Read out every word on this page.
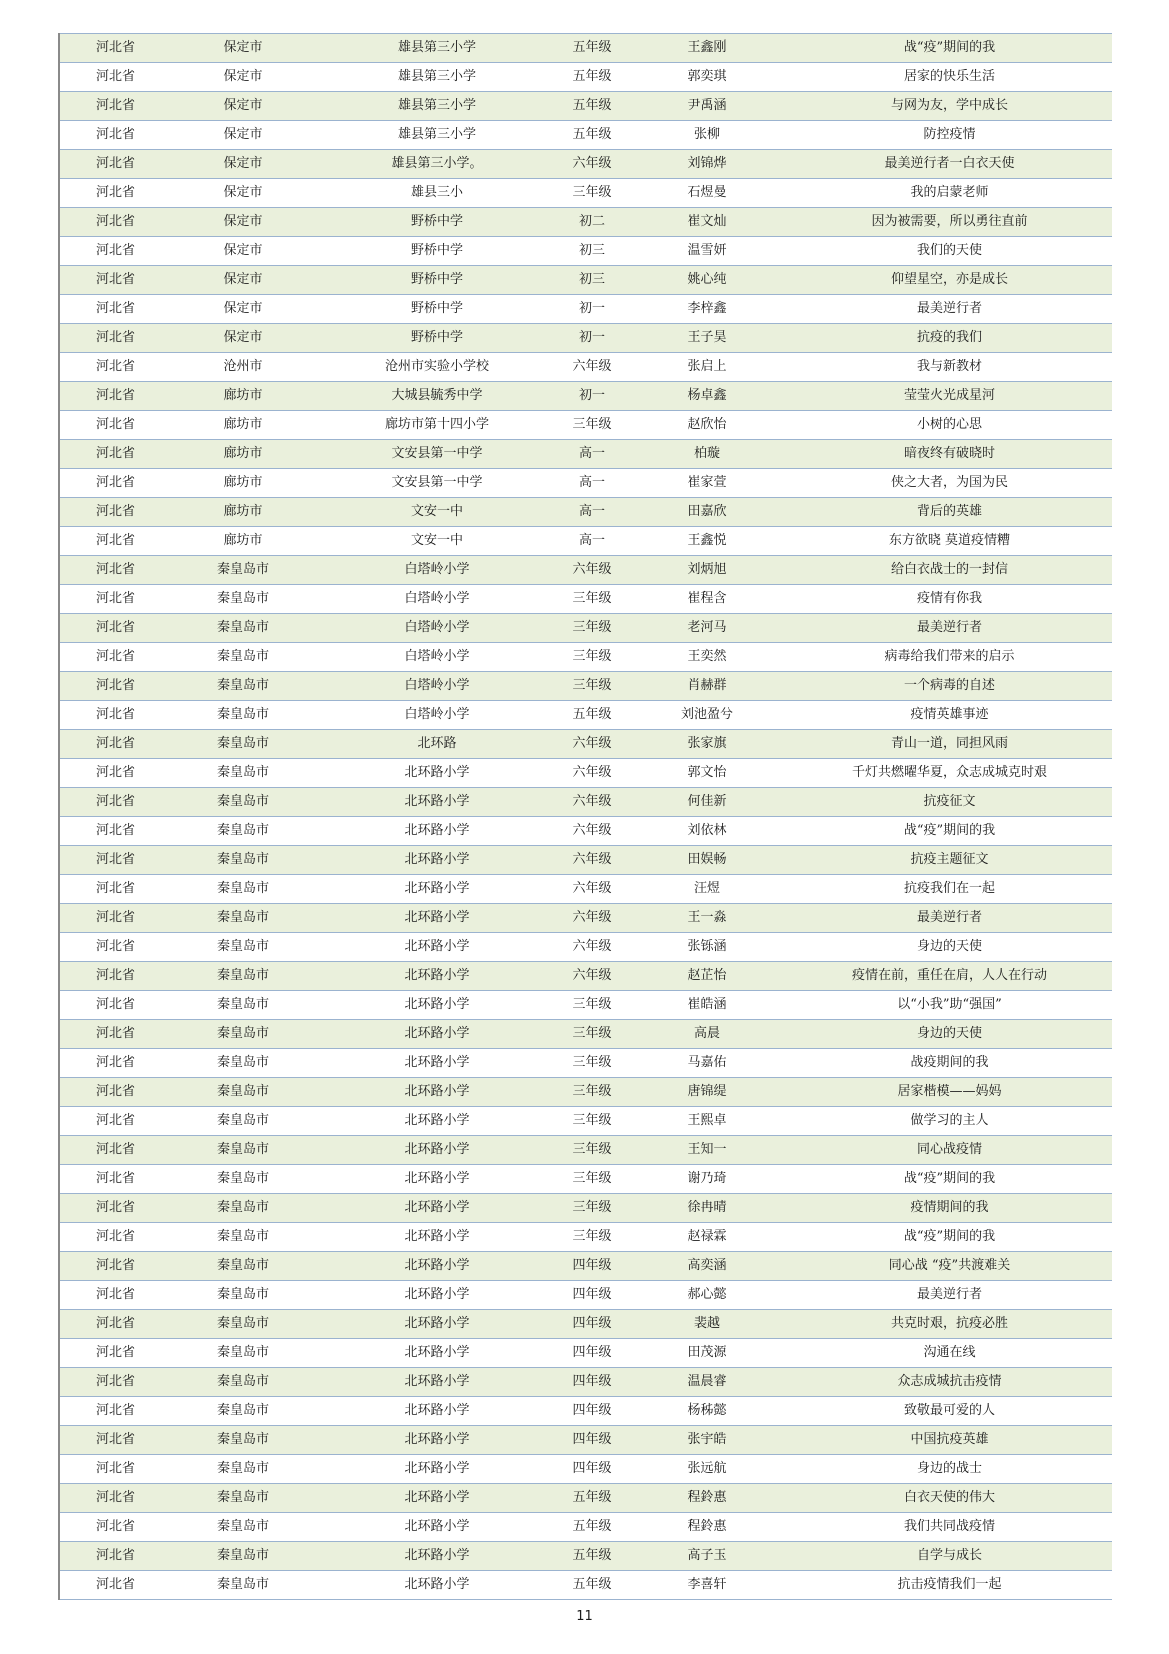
河北省	保定市	雄县第三小学	五年级	王鑫刚	战“疫”期间的我
河北省	保定市	雄县第三小学	五年级	郭奕琪	居家的快乐生活
河北省	保定市	雄县第三小学	五年级	尹禹涵	与网为友，学中成长
河北省	保定市	雄县第三小学	五年级	张柳	防控疫情
河北省	保定市	雄县第三小学。	六年级	刘锦烨	最美逆行者一白衣天使
河北省	保定市	雄县三小	三年级	石煜曼	我的启蒙老师
河北省	保定市	野桥中学	初二	崔文灿	因为被需要，所以勇往直前
河北省	保定市	野桥中学	初三	温雪妍	我们的天使
河北省	保定市	野桥中学	初三	姚心纯	仰望星空，亦是成长
河北省	保定市	野桥中学	初一	李梓鑫	最美逆行者
河北省	保定市	野桥中学	初一	王子昊	抗疫的我们
河北省	沧州市	沧州市实验小学校	六年级	张启上	我与新教材
河北省	廊坊市	大城县毓秀中学	初一	杨卓鑫	莹莹火光成星河
河北省	廊坊市	廊坊市第十四小学	三年级	赵欣怡	小树的心思
河北省	廊坊市	文安县第一中学	高一	柏璇	暗夜终有破晓时
河北省	廊坊市	文安县第一中学	高一	崔家萱	侠之大者，为国为民
河北省	廊坊市	文安一中	高一	田嘉欣	背后的英雄
河北省	廊坊市	文安一中	高一	王鑫悦	东方欲晓 莫道疫情糟
河北省	秦皇岛市	白塔岭小学	六年级	刘炳旭	给白衣战士的一封信
河北省	秦皇岛市	白塔岭小学	三年级	崔程含	疫情有你我
河北省	秦皇岛市	白塔岭小学	三年级	老河马	最美逆行者
河北省	秦皇岛市	白塔岭小学	三年级	王奕然	病毒给我们带来的启示
河北省	秦皇岛市	白塔岭小学	三年级	肖赫群	一个病毒的自述
河北省	秦皇岛市	白塔岭小学	五年级	刘池盈兮	疫情英雄事迹
河北省	秦皇岛市	北环路	六年级	张家旗	青山一道，同担风雨
河北省	秦皇岛市	北环路小学	六年级	郭文怡	千灯共燃曜华夏，众志成城克时艰
河北省	秦皇岛市	北环路小学	六年级	何佳新	抗疫征文
河北省	秦皇岛市	北环路小学	六年级	刘依林	战“疫”期间的我
河北省	秦皇岛市	北环路小学	六年级	田娱畅	抗疫主题征文
河北省	秦皇岛市	北环路小学	六年级	汪煜	抗疫我们在一起
河北省	秦皇岛市	北环路小学	六年级	王一淼	最美逆行者
河北省	秦皇岛市	北环路小学	六年级	张铄涵	身边的天使
河北省	秦皇岛市	北环路小学	六年级	赵芷怡	疫情在前，重任在肩，人人在行动
河北省	秦皇岛市	北环路小学	三年级	崔皓涵	以“小我”助“强国”
河北省	秦皇岛市	北环路小学	三年级	高晨	身边的天使
河北省	秦皇岛市	北环路小学	三年级	马嘉佑	战疫期间的我
河北省	秦皇岛市	北环路小学	三年级	唐锦缇	居家楷模——妈妈
河北省	秦皇岛市	北环路小学	三年级	王熙卓	做学习的主人
河北省	秦皇岛市	北环路小学	三年级	王知一	同心战疫情
河北省	秦皇岛市	北环路小学	三年级	谢乃琦	战“疫”期间的我
河北省	秦皇岛市	北环路小学	三年级	徐冉晴	疫情期间的我
河北省	秦皇岛市	北环路小学	三年级	赵禄霖	战“疫”期间的我
河北省	秦皇岛市	北环路小学	四年级	高奕涵	同心战 “疫”共渡难关
河北省	秦皇岛市	北环路小学	四年级	郝心懿	最美逆行者
河北省	秦皇岛市	北环路小学	四年级	裴越	共克时艰，抗疫必胜
河北省	秦皇岛市	北环路小学	四年级	田茂源	沟通在线
河北省	秦皇岛市	北环路小学	四年级	温晨睿	众志成城抗击疫情
河北省	秦皇岛市	北环路小学	四年级	杨秭懿	致敬最可爱的人
河北省	秦皇岛市	北环路小学	四年级	张宇皓	中国抗疫英雄
河北省	秦皇岛市	北环路小学	四年级	张远航	身边的战士
河北省	秦皇岛市	北环路小学	五年级	程鈴惠	白衣天使的伟大
河北省	秦皇岛市	北环路小学	五年级	程鈴惠	我们共同战疫情
河北省	秦皇岛市	北环路小学	五年级	高子玉	自学与成长
河北省	秦皇岛市	北环路小学	五年级	李喜轩	抗击疫情我们一起
11
